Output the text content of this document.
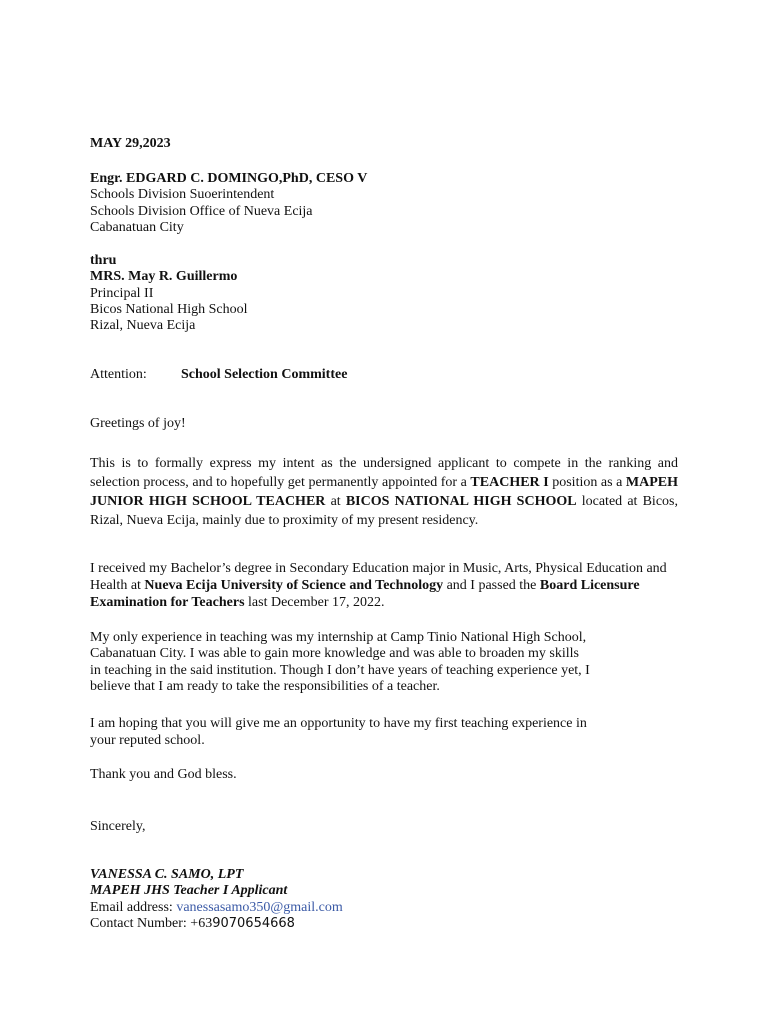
MAY 29,2023
Engr. EDGARD C. DOMINGO,PhD, CESO V
Schools Division Suoerintendent
Schools Division Office of Nueva Ecija
Cabanatuan City
thru
MRS. May R. Guillermo
Principal II
Bicos National High School
Rizal, Nueva Ecija
Attention: School Selection Committee
Greetings of joy!

This is to formally express my intent as the undersigned applicant to compete in the ranking and selection process, and to hopefully get permanently appointed for a TEACHER I position as a MAPEH JUNIOR HIGH SCHOOL TEACHER at BICOS NATIONAL HIGH SCHOOL located at Bicos, Rizal, Nueva Ecija, mainly due to proximity of my present residency.

I received my Bachelor’s degree in Secondary Education major in Music, Arts, Physical Education and Health at Nueva Ecija University of Science and Technology and I passed the Board Licensure Examination for Teachers last December 17, 2022.

My only experience in teaching was my internship at Camp Tinio National High School,
Cabanatuan City. I was able to gain more knowledge and was able to broaden my skills
in teaching in the said institution. Though I don’t have years of teaching experience yet, I
believe that I am ready to take the responsibilities of a teacher.
I am hoping that you will give me an opportunity to have my first teaching experience in
your reputed school.
Thank you and God bless.
Sincerely,
VANESSA C. SAMO, LPT
MAPEH JHS Teacher I Applicant
Email address: vanessasamo350@gmail.com
Contact Number: +639070654668
